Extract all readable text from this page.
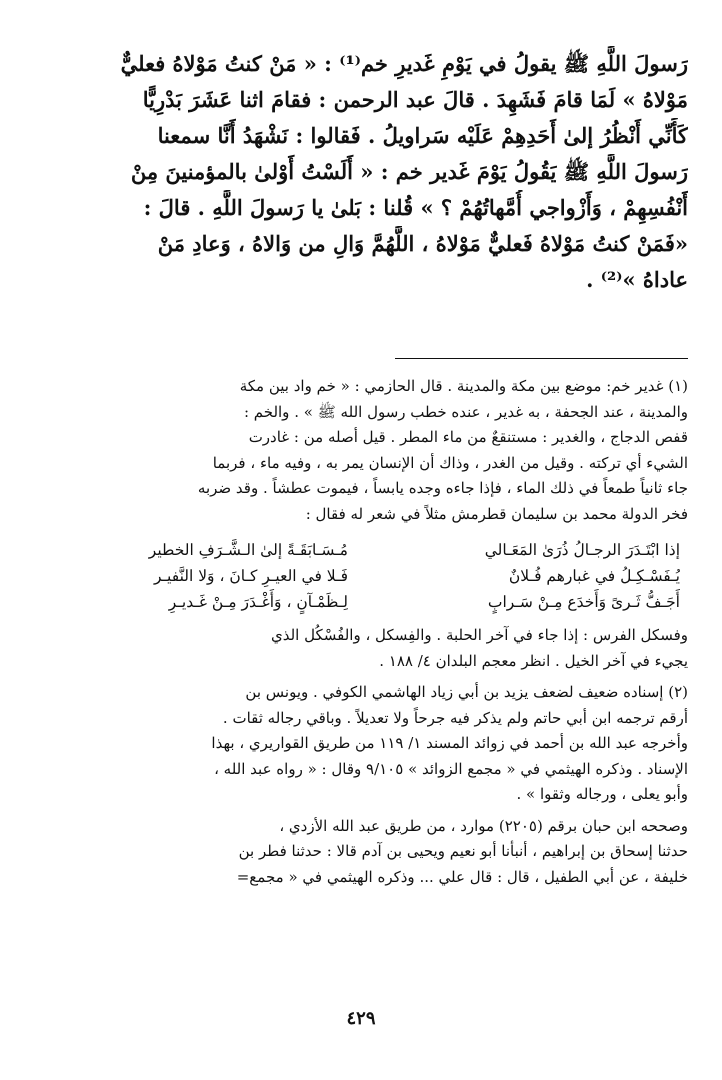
رَسولَ اللَّهِ ﷺ يقولُ في يَوْمِ غَديرِ خم⁽¹⁾ : « مَنْ كنتُ مَوْلاهُ فعليٌّ
مَوْلاهُ » لَمَا قامَ فَشَهِدَ . قالَ عبد الرحمن : فقامَ اثنا عَشَرَ بَدْرِيًّا
كَأَنِّي أَنْظُرُ إلىٰ أَحَدِهِمْ عَلَيْه سَراويلُ . فَقالوا : نَشْهَدُ أَنَّا سمعنا
رَسولَ اللَّهِ ﷺ يَقُولُ يَوْمَ غَدير خم : « أَلَسْتُ أَوْلىٰ بالمؤمنينَ مِنْ
أَنْفُسِهِمْ ، وَأَزْواجي أُمَّهاتُهُمْ ؟ » قُلنا : بَلىٰ يا رَسولَ اللَّهِ . قالَ :
«فَمَنْ كنتُ مَوْلاهُ فَعليٌّ مَوْلاهُ ، اللَّهُمَّ وَالِ من وَالاهُ ، وَعادِ مَنْ
عاداهُ »⁽²⁾ .
(١) غدير خم: موضع بين مكة والمدينة . قال الحازمي : « خم واد بين مكة
والمدينة ، عند الجحفة ، به غدير ، عنده خطب رسول الله ﷺ » . والخم :
قفص الدجاج ، والغدير : مستنقعٌ من ماء المطر . قيل أصله من : غادرت
الشيء أي تركته . وقيل من الغدر ، وذاك أن الإنسان يمر به ، وفيه ماء ، فربما
جاء ثانياً طمعاً في ذلك الماء ، فإذا جاءه وجده يابساً ، فيموت عطشاً . وقد ضربه
فخر الدولة محمد بن سليمان قطرمش مثلاً في شعر له فقال :
إذا ابْتَـدَرَ الرجـالُ ذُرَىٰ المَعَـالي
يُـفَسْـكِـلُ في غبارهم فُـلانٌ
أَجَـفُّ ثَـرىً وَأَخدَع مِـنْ سَـرابٍ
مُـسَـابَقَـةً إلىٰ الـشَّـرَفِ الخطير
فَـلا في العيـرِ كـانَ ، وَلا النَّفيـر
لِـظَمْـآنٍ ، وَأَغْـدَرَ مِـنْ غَـديـرِ
وفسكل الفرس : إذا جاء في آخر الحلبة . والفِسكل ، والفُسْكُل الذي
يجيء في آخر الخيل . انظر معجم البلدان ٤/ ١٨٨ .
(٢) إسناده ضعيف لضعف يزيد بن أبي زياد الهاشمي الكوفي . ويونس بن
أرقم ترجمه ابن أبي حاتم ولم يذكر فيه جرحاً ولا تعديلاً . وباقي رجاله ثقات .
وأخرجه عبد الله بن أحمد في زوائد المسند ١/ ١١٩ من طريق القواريري ، بهذا
الإسناد . وذكره الهيثمي في « مجمع الزوائد » ٩/١٠٥ وقال : « رواه عبد الله ،
وأبو يعلى ، ورجاله وثقوا » .
وصححه ابن حبان برقم (٢٢٠٥) موارد ، من طريق عبد الله الأزدي ،
حدثنا إسحاق بن إبراهيم ، أنبأنا أبو نعيم ويحيى بن آدم قالا : حدثنا فطر بن
خليفة ، عن أبي الطفيل ، قال : قال علي ... وذكره الهيثمي في « مجمع=
٤٢٩
